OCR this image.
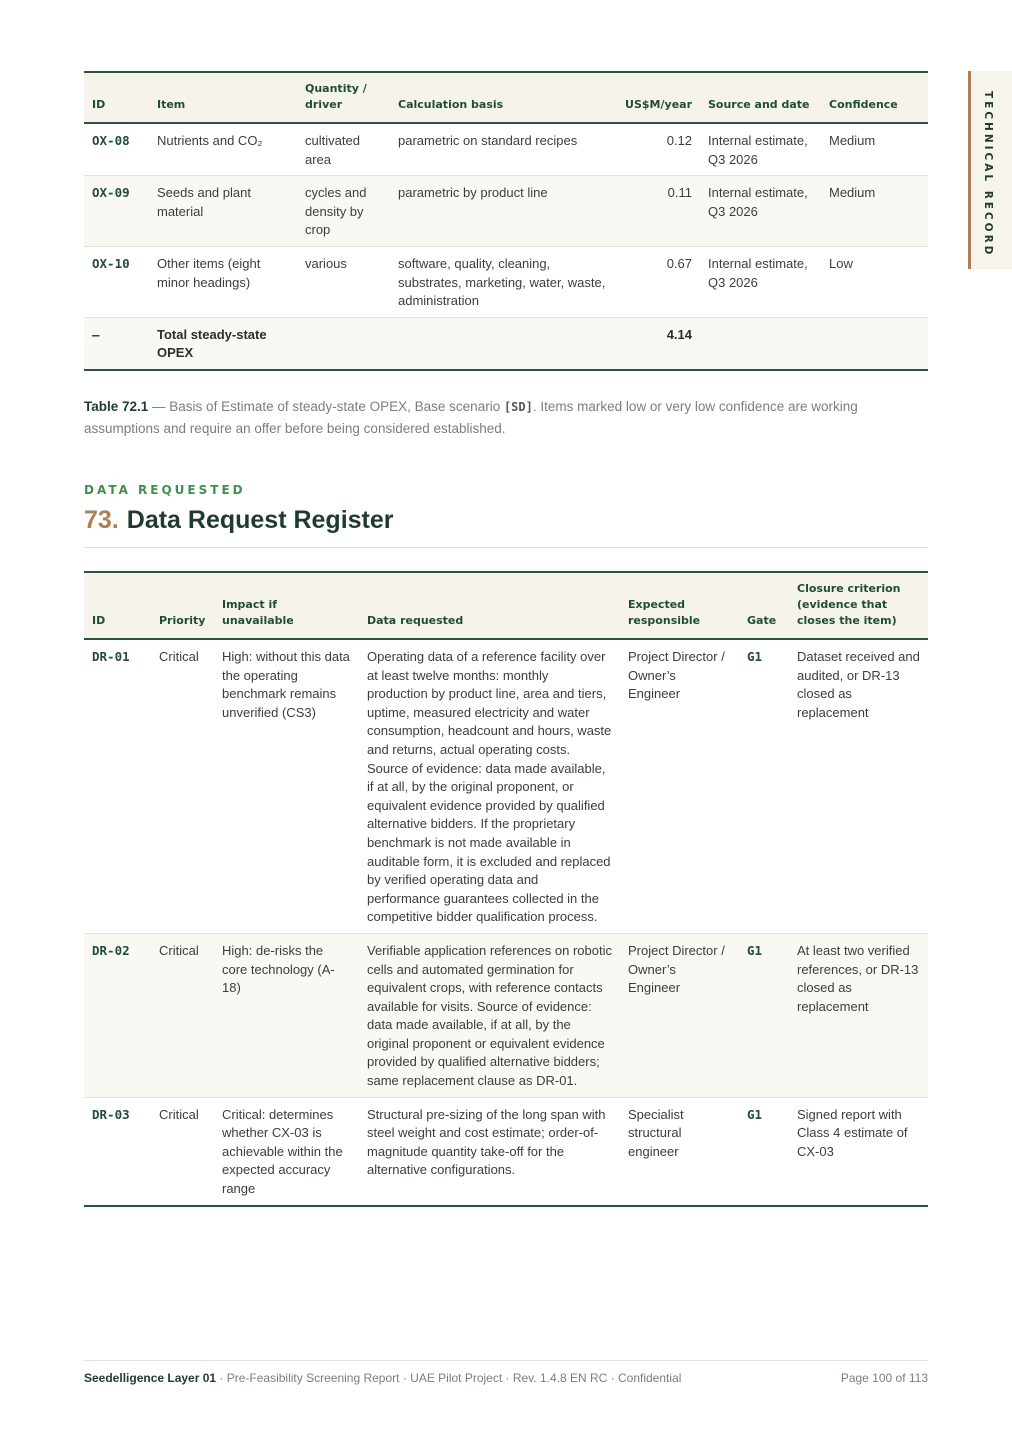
TECHNICAL RECORD
ID	Item	Quantity / driver	Calculation basis	US$M/year	Source and date	Confidence
OX-08	Nutrients and CO₂	cultivated area	parametric on standard recipes	0.12	Internal estimate, Q3 2026	Medium
OX-09	Seeds and plant material	cycles and density by crop	parametric by product line	0.11	Internal estimate, Q3 2026	Medium
OX-10	Other items (eight minor headings)	various	software, quality, cleaning, substrates, marketing, water, waste, administration	0.67	Internal estimate, Q3 2026	Low
—	Total steady-state OPEX			4.14		
Table 72.1 — Basis of Estimate of steady-state OPEX, Base scenario [SD]. Items marked low or very low confidence are working assumptions and require an offer before being considered established.
DATA REQUESTED
73. Data Request Register
ID	Priority	Impact if unavailable	Data requested	Expected responsible	Gate	Closure criterion (evidence that closes the item)
DR-01	Critical	High: without this data the operating benchmark remains unverified (CS3)	Operating data of a reference facility over at least twelve months: monthly production by product line, area and tiers, uptime, measured electricity and water consumption, headcount and hours, waste and returns, actual operating costs. Source of evidence: data made available, if at all, by the original proponent, or equivalent evidence provided by qualified alternative bidders. If the proprietary benchmark is not made available in auditable form, it is excluded and replaced by verified operating data and performance guarantees collected in the competitive bidder qualification process.	Project Director / Owner’s Engineer	G1	Dataset received and audited, or DR-13 closed as replacement
DR-02	Critical	High: de-risks the core technology (A-18)	Verifiable application references on robotic cells and automated germination for equivalent crops, with reference contacts available for visits. Source of evidence: data made available, if at all, by the original proponent or equivalent evidence provided by qualified alternative bidders; same replacement clause as DR-01.	Project Director / Owner’s Engineer	G1	At least two verified references, or DR-13 closed as replacement
DR-03	Critical	Critical: determines whether CX-03 is achievable within the expected accuracy range	Structural pre-sizing of the long span with steel weight and cost estimate; order-of-magnitude quantity take-off for the alternative configurations.	Specialist structural engineer	G1	Signed report with Class 4 estimate of CX-03
Seedelligence Layer 01 · Pre-Feasibility Screening Report · UAE Pilot Project · Rev. 1.4.8 EN RC · Confidential	Page 100 of 113
